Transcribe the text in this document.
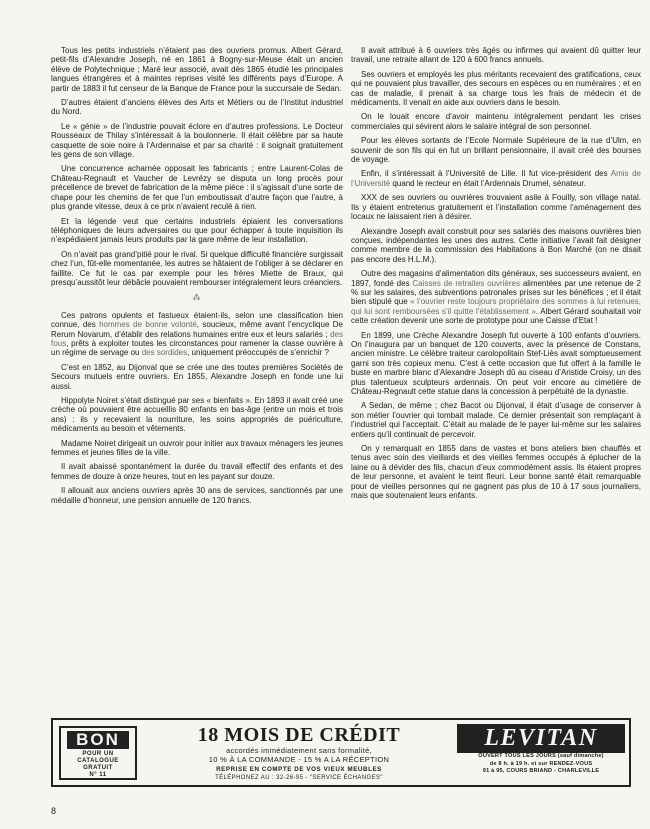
Tous les petits industriels n’étaient pas des ouvriers promus. Albert Gérard, petit-fils d’Alexandre Joseph, né en 1861 à Bogny-sur-Meuse était un ancien élève de Polytechnique ; Maré leur associé, avait dès 1865 étudié les principales langues étrangères et à maintes reprises visité les différents pays d’Europe. A partir de 1883 il fut censeur de la Banque de France pour la succursale de Sedan.

D’autres étaient d’anciens élèves des Arts et Métiers ou de l’Institut industriel du Nord.

Le « génie » de l’industrie pouvait éclore en d’autres professions. Le Docteur Rousseaux de Thilay s’intéressait à la boulonnerie. Il était célèbre par sa haute casquette de soie noire à l’Ardennaise et par sa charité : il soignait gratuitement les gens de son village.

Une concurrence acharnée opposait les fabricants ; entre Laurent-Colas de Château-Regnault et Vaucher de Levrézy se disputa un long procès pour précellence de brevet de fabrication de la même pièce : il s’agissait d’une sorte de chape pour les chemins de fer que l’un emboutissait d’autre façon que l’autre, à plus grande vitesse, deux à ce prix n’avaient reculé à rien.

Et la légende veut que certains industriels épiaient les conversations téléphoniques de leurs adversaires ou que pour échapper à toute inquisition ils n’expédiaient jamais leurs produits par la gare même de leur installation.

On n’avait pas grand’pitié pour le rival. Si quelque difficulté financière surgissait chez l’un, fût-elle momentanée, les autres se hâtaient de l’obliger à se déclarer en faillite. Ce fut le cas par exemple pour les frères Miette de Braux, qui presqu’aussitôt leur débâcle pouvaient rembourser intégralement leurs créanciers.

⁂

Ces patrons opulents et fastueux étaient-ils, selon une classification bien connue, des hommes de bonne volonté, soucieux, même avant l’encyclique De Rerum Novarum, d’établir des relations humaines entre eux et leurs salariés ; des fous, prêts à exploiter toutes les circonstances pour ramener la classe ouvrière à un régime de servage ou des sordides, uniquement préoccupés de s’enrichir ?

C’est en 1852, au Dijonval que se crée une des toutes premières Sociétés de Secours mutuels entre ouvriers. En 1855, Alexandre Joseph en fonde une lui aussi.

Hippolyte Noiret s’était distingué par ses « bienfaits ». En 1893 il avait créé une crèche où pouvaient être accueillis 80 enfants en bas-âge (entre un mois et trois ans) : ils y recevaient la nourriture, les soins appropriés de puériculture, médicaments au besoin et vêtements.

Madame Noiret dirigeait un ouvroir pour initier aux travaux ménagers les jeunes femmes et jeunes filles de la ville.

Il avait abaissé spontanément la durée du travail effectif des enfants et des femmes de douze à onze heures, tout en les payant sur douze.

Il allouait aux anciens ouvriers après 30 ans de services, sanctionnés par une médaille d’honneur, une pension annuelle de 120 francs.

Il avait attribué à 6 ouvriers très âgés ou infirmes qui avaient dû quitter leur travail, une retraite allant de 120 à 600 francs annuels.

Ses ouvriers et employés les plus méritants recevaient des gratifications, ceux qui ne pouvaient plus travailler, des secours en espèces ou en numéraires ; et en cas de maladie, il prenait à sa charge tous les frais de médecin et de médicaments. Il venait en aide aux ouvriers dans le besoin.

On le louait encore d’avoir maintenu intégralement pendant les crises commerciales qui sévirent alors le salaire intégral de son personnel.

Pour les élèves sortants de l’Ecole Normale Supérieure de la rue d’Ulm, en souvenir de son fils qui en fut un brillant pensionnaire, il avait créé des bourses de voyage.

Enfin, il s’intéressait à l’Université de Lille. Il fut vice-président des Amis de l’Université quand le recteur en était l’Ardennais Drumel, sénateur.

XXX de ses ouvriers ou ouvrières trouvaient asile à Fouilly, son village natal. Ils y étaient entretenus gratuitement et l’installation comme l’aménagement des locaux ne laissaient rien à désirer.

Alexandre Joseph avait construit pour ses salariés des maisons ouvrières bien conçues, indépendantes les unes des autres. Cette initiative l’avait fait désigner comme membre de la commission des Habitations à Bon Marché (on ne disait pas encore des H.L.M.).

Outre des magasins d’alimentation dits généraux, ses successeurs avaient, en 1897, fondé des Caisses de retraites ouvrières alimentées par une retenue de 2 % sur les salaires, des subventions patronales prises sur les bénéfices ; et il était bien stipulé que « l’ouvrier reste toujours propriétaire des sommes à lui retenues, qui lui sont remboursées s’il quitte l’établissement ». Albert Gérard souhaitait voir cette création devenir une sorte de prototype pour une Caisse d’Etat !

En 1899, une Crèche Alexandre Joseph fut ouverte à 100 enfants d’ouvriers. On l’inaugura par un banquet de 120 couverts, avec la présence de Constans, ancien ministre. Le célèbre traiteur carolopolitain Stef-Liès avait somptueusement garni son très copieux menu. C’est à cette occasion que fut offert à la famille le buste en marbre blanc d’Alexandre Joseph dû au ciseau d’Aristide Croisy, un des plus talentueux sculpteurs ardennais. On peut voir encore au cimetière de Château-Regnault cette statue dans la concession à perpétuité de la dynastie.

A Sedan, de même ; chez Bacot ou Dijonval, il était d’usage de conserver à son métier l’ouvrier qui tombait malade. Ce dernier présentait son remplaçant à l’industriel qui l’acceptait. C’était au malade de le payer lui-même sur les salaires entiers qu’il continuait de percevoir.

On y remarquait en 1855 dans de vastes et bons ateliers bien chauffés et tenus avec soin des vieillards et des vieilles femmes occupés à éplucher de la laine ou à dévider des fils, chacun d’eux commodément assis. Ils étaient propres de leur personne, et avaient le teint fleuri. Leur bonne santé était remarquable pour de vieilles personnes qui ne gagnent pas plus de 10 à 17 sous journaliers, mais que soutenaient leurs enfants.

BON
POUR UN
CATALOGUE
GRATUIT
N° 11
18 MOIS DE CRÉDIT
accordés immédiatement sans formalité,
10 % À LA COMMANDE - 15 % A LA RÉCEPTION
REPRISE EN COMPTE DE VOS VIEUX MEUBLES
TÉLÉPHONEZ AU : 32-26-95 - "SERVICE ÉCHANGES"
LEVITAN
OUVERT TOUS LES JOURS (sauf dimanche)
de 8 h. à 19 h. et sur RENDEZ-VOUS
91 à 95, COURS BRIAND - CHARLEVILLE
8
